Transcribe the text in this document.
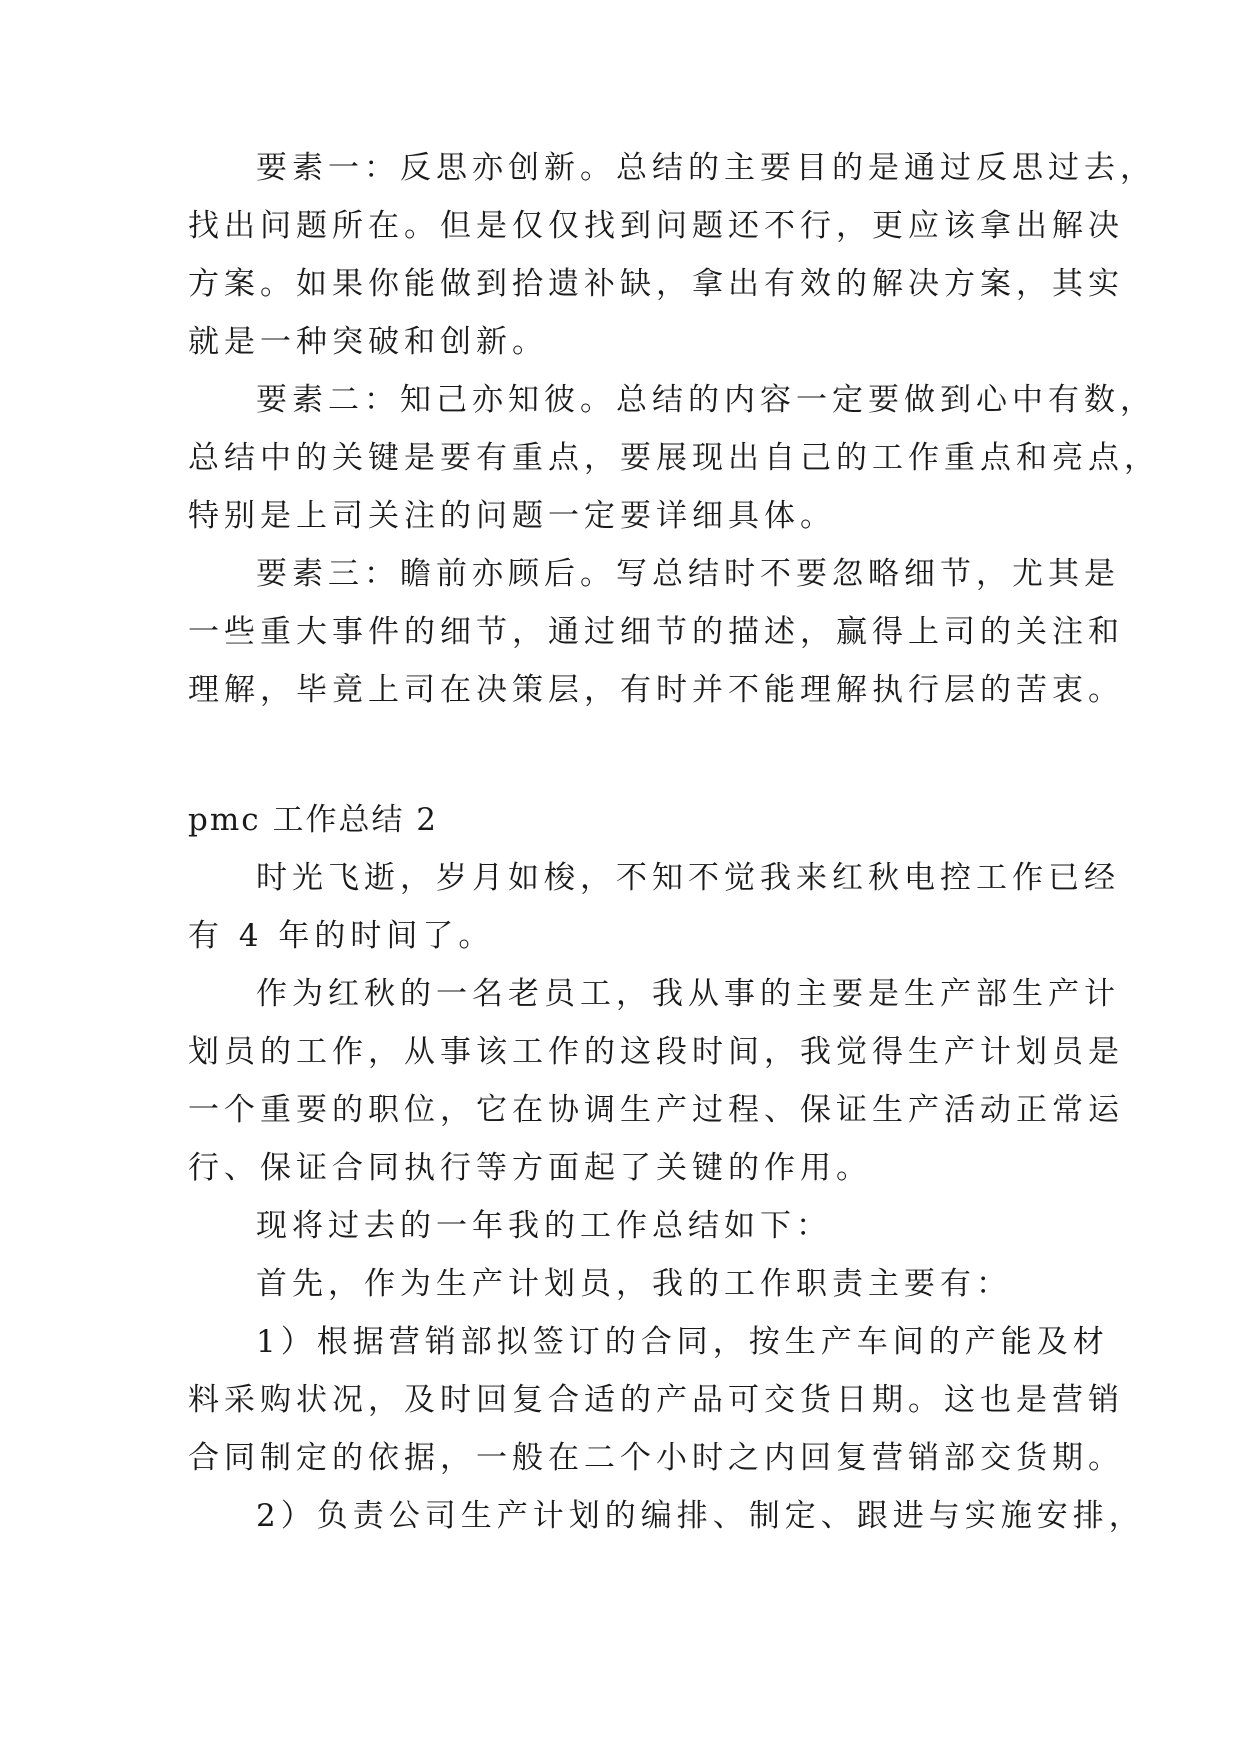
要素一：反思亦创新。总结的主要目的是通过反思过去，

找出问题所在。但是仅仅找到问题还不行，更应该拿出解决

方案。如果你能做到拾遗补缺，拿出有效的解决方案，其实

就是一种突破和创新。

要素二：知己亦知彼。总结的内容一定要做到心中有数，

总结中的关键是要有重点，要展现出自己的工作重点和亮点，

特别是上司关注的问题一定要详细具体。

要素三：瞻前亦顾后。写总结时不要忽略细节，尤其是

一些重大事件的细节，通过细节的描述，赢得上司的关注和

理解，毕竟上司在决策层，有时并不能理解执行层的苦衷。

pmc 工作总结 2

时光飞逝，岁月如梭，不知不觉我来红秋电控工作已经

有 4 年的时间了。

作为红秋的一名老员工，我从事的主要是生产部生产计

划员的工作，从事该工作的这段时间，我觉得生产计划员是

一个重要的职位，它在协调生产过程、保证生产活动正常运

行、保证合同执行等方面起了关键的作用。

现将过去的一年我的工作总结如下：

首先，作为生产计划员，我的工作职责主要有：

1）根据营销部拟签订的合同，按生产车间的产能及材

料采购状况，及时回复合适的产品可交货日期。这也是营销

合同制定的依据，一般在二个小时之内回复营销部交货期。

2）负责公司生产计划的编排、制定、跟进与实施安排，
